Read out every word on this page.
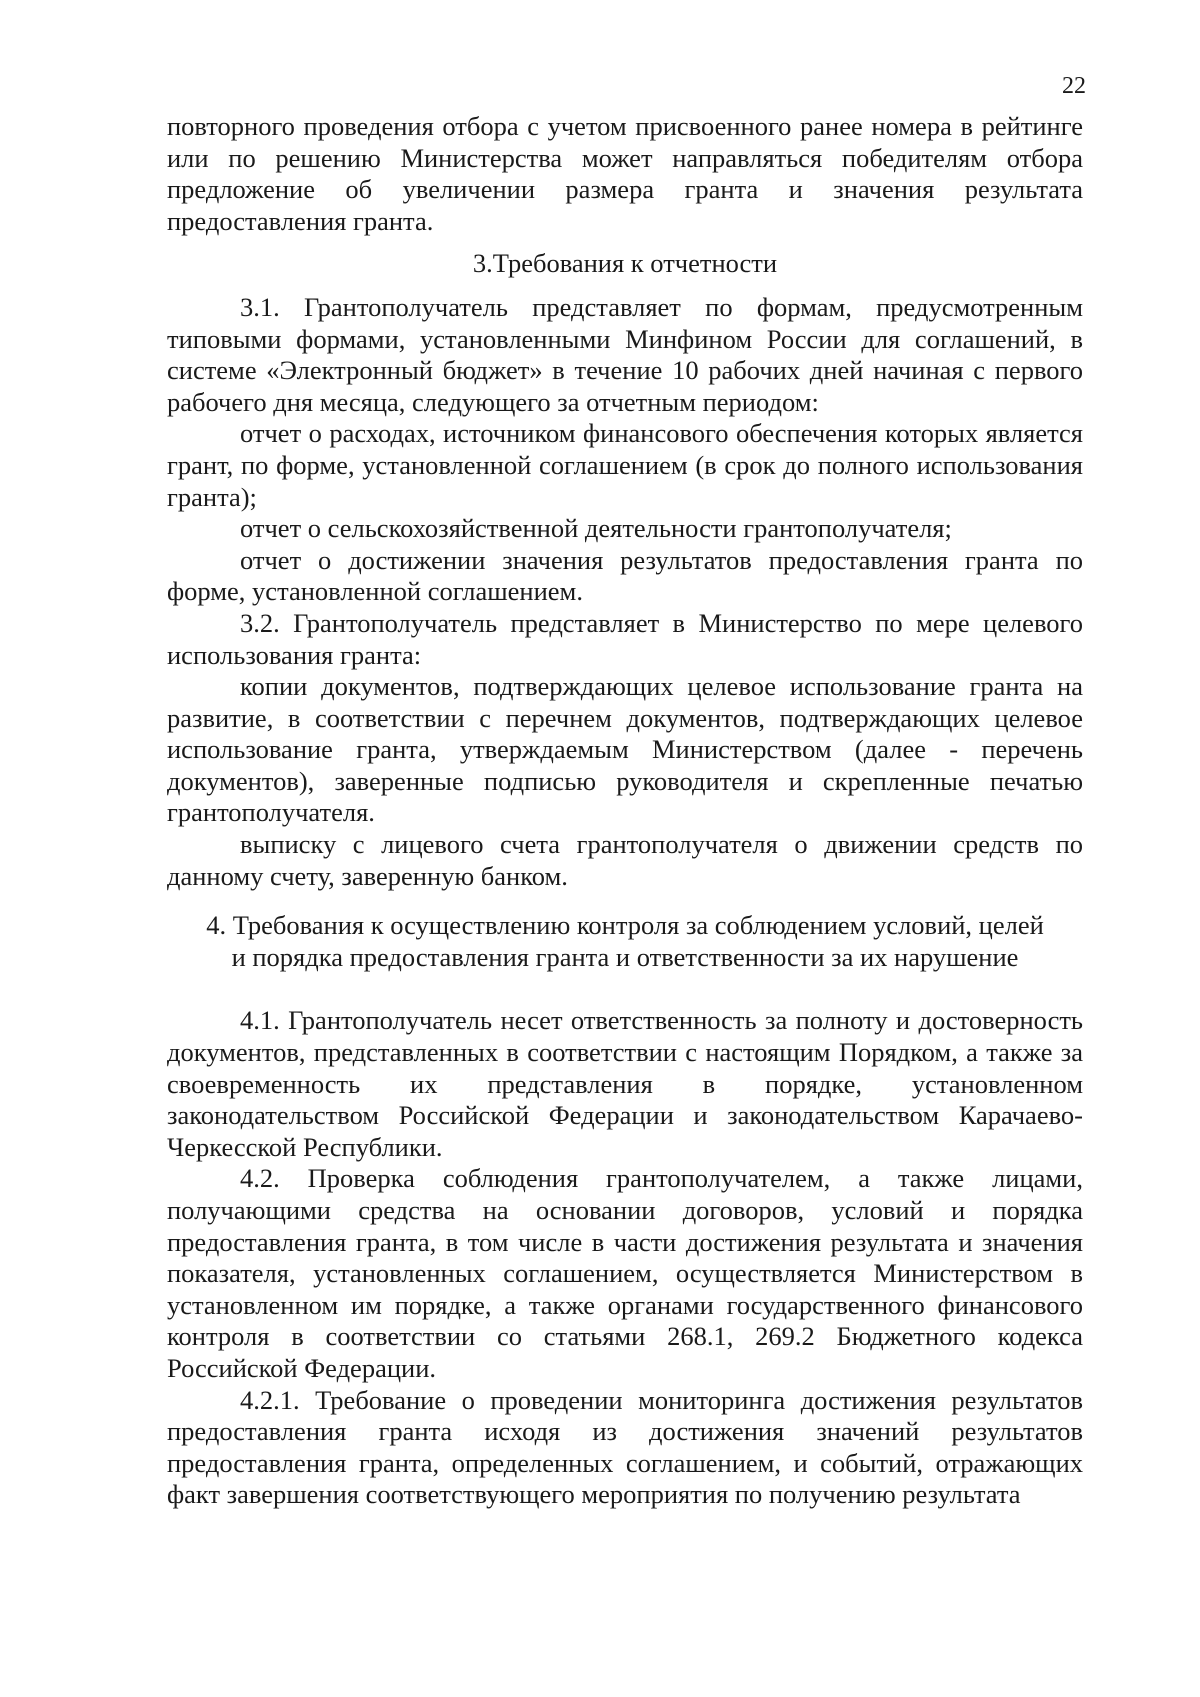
22

повторного проведения отбора с учетом присвоенного ранее номера в рейтинге или по решению Министерства может направляться победителям отбора предложение об увеличении размера гранта и значения результата предоставления гранта.

3.Требования к отчетности

3.1. Грантополучатель представляет по формам, предусмотренным типовыми формами, установленными Минфином России для соглашений, в системе «Электронный бюджет» в течение 10 рабочих дней начиная с первого рабочего дня месяца, следующего за отчетным периодом:

отчет о расходах, источником финансового обеспечения которых является грант, по форме, установленной соглашением (в срок до полного использования гранта);

отчет о сельскохозяйственной деятельности грантополучателя;

отчет о достижении значения результатов предоставления гранта по форме, установленной соглашением.

3.2. Грантополучатель представляет в Министерство по мере целевого использования гранта:

копии документов, подтверждающих целевое использование гранта на развитие, в соответствии с перечнем документов, подтверждающих целевое использование гранта, утверждаемым Министерством (далее - перечень документов), заверенные подписью руководителя и скрепленные печатью грантополучателя.

выписку с лицевого счета грантополучателя о движении средств по данному счету, заверенную банком.

4. Требования к осуществлению контроля за соблюдением условий, целей
и порядка предоставления гранта и ответственности за их нарушение

4.1. Грантополучатель несет ответственность за полноту и достоверность документов, представленных в соответствии с настоящим Порядком, а также за своевременность их представления в порядке, установленном законодательством Российской Федерации и законодательством Карачаево-Черкесской Республики.

4.2. Проверка соблюдения грантополучателем, а также лицами, получающими средства на основании договоров, условий и порядка предоставления гранта, в том числе в части достижения результата и значения показателя, установленных соглашением, осуществляется Министерством в установленном им порядке, а также органами государственного финансового контроля в соответствии со статьями 268.1, 269.2 Бюджетного кодекса Российской Федерации.

4.2.1. Требование о проведении мониторинга достижения результатов предоставления гранта исходя из достижения значений результатов предоставления гранта, определенных соглашением, и событий, отражающих факт завершения соответствующего мероприятия по получению результата
